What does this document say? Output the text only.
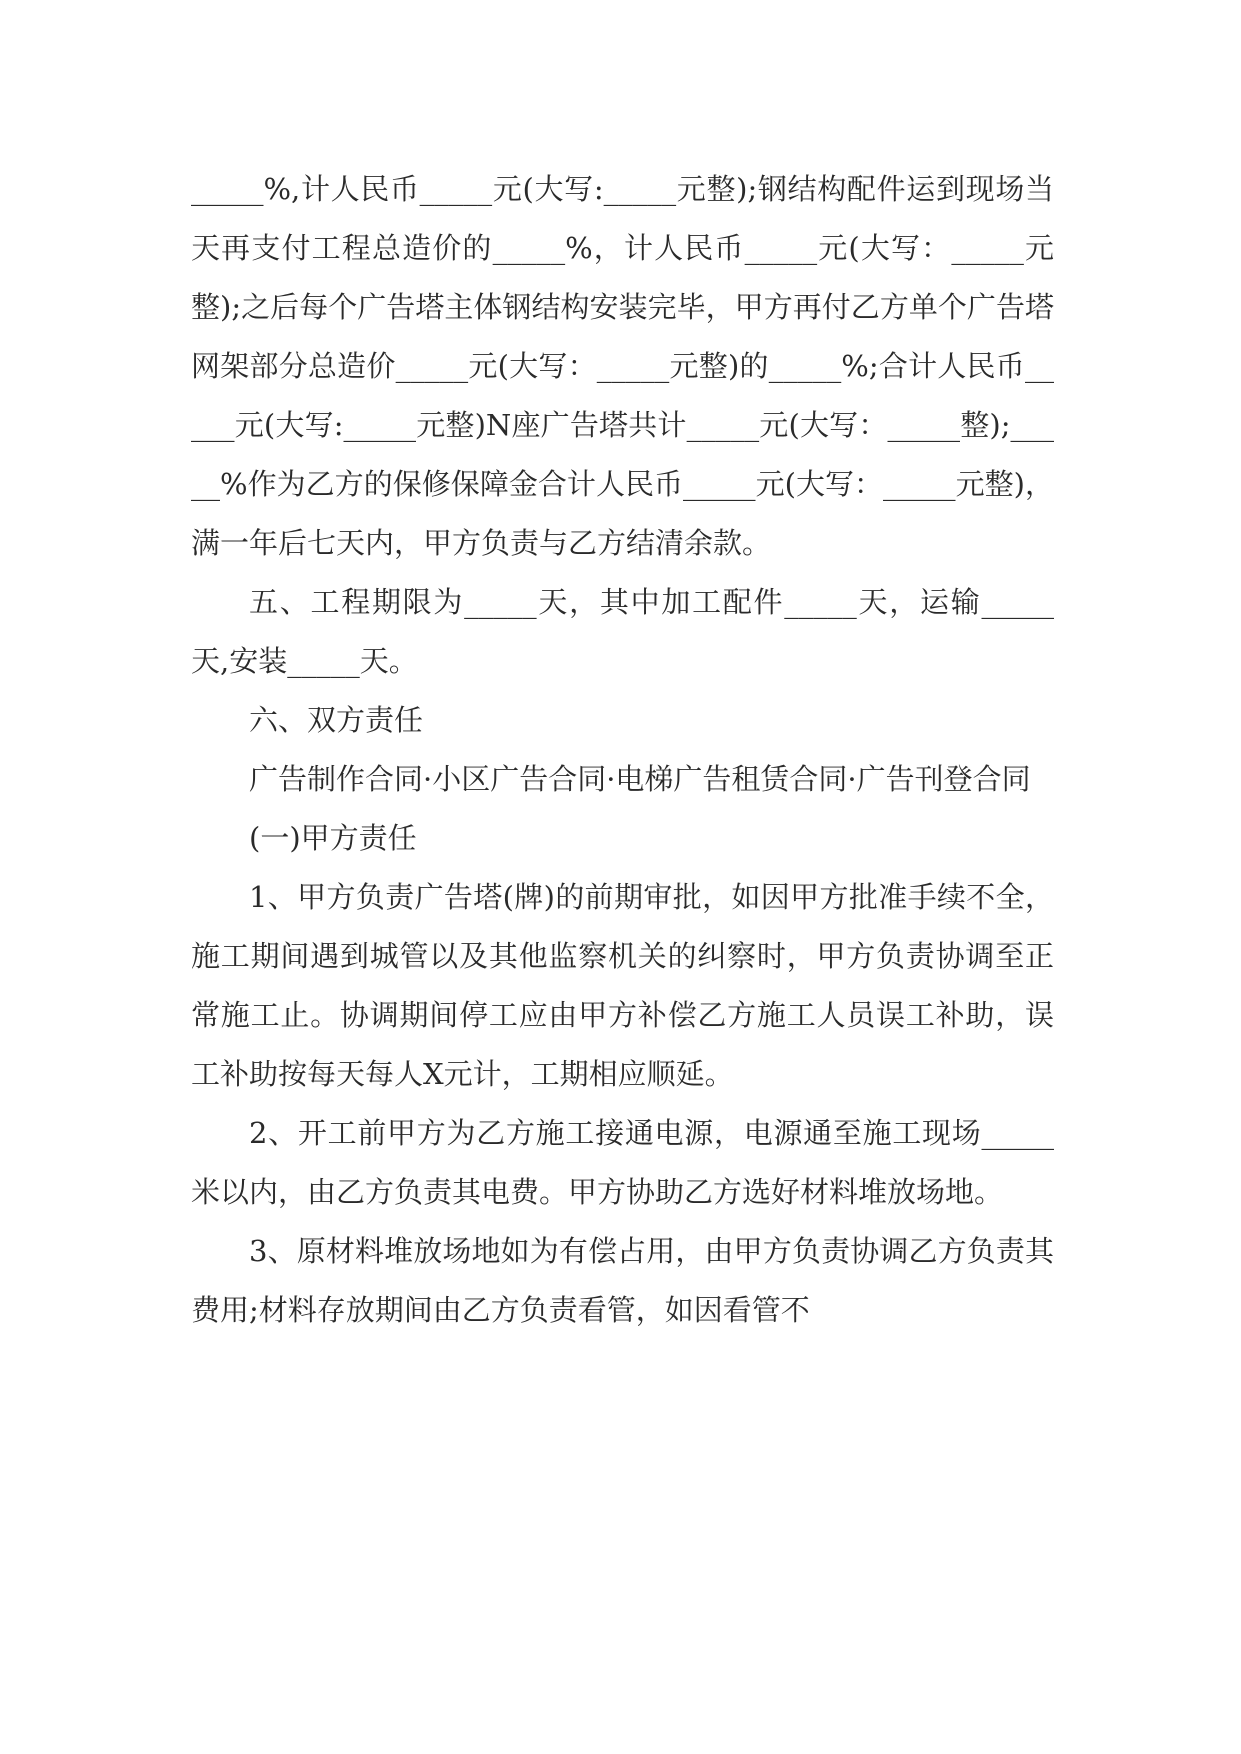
_____%,计人民币_____元(大写:_____元整);钢结构配件运到现场当天再支付工程总造价的_____%，计人民币_____元(大写：_____元整);之后每个广告塔主体钢结构安装完毕，甲方再付乙方单个广告塔网架部分总造价_____元(大写：_____元整)的_____%;合计人民币_____元(大写:_____元整)N座广告塔共计_____元(大写：_____整);_____%作为乙方的保修保障金合计人民币_____元(大写：_____元整)，满一年后七天内，甲方负责与乙方结清余款。

五、工程期限为_____天，其中加工配件_____天，运输_____天,安装_____天。

六、双方责任

广告制作合同·小区广告合同·电梯广告租赁合同·广告刊登合同

(一)甲方责任

1、甲方负责广告塔(牌)的前期审批，如因甲方批准手续不全，施工期间遇到城管以及其他监察机关的纠察时，甲方负责协调至正常施工止。协调期间停工应由甲方补偿乙方施工人员误工补助，误工补助按每天每人X元计，工期相应顺延。

2、开工前甲方为乙方施工接通电源，电源通至施工现场_____米以内，由乙方负责其电费。甲方协助乙方选好材料堆放场地。

3、原材料堆放场地如为有偿占用，由甲方负责协调乙方负责其费用;材料存放期间由乙方负责看管，如因看管不
